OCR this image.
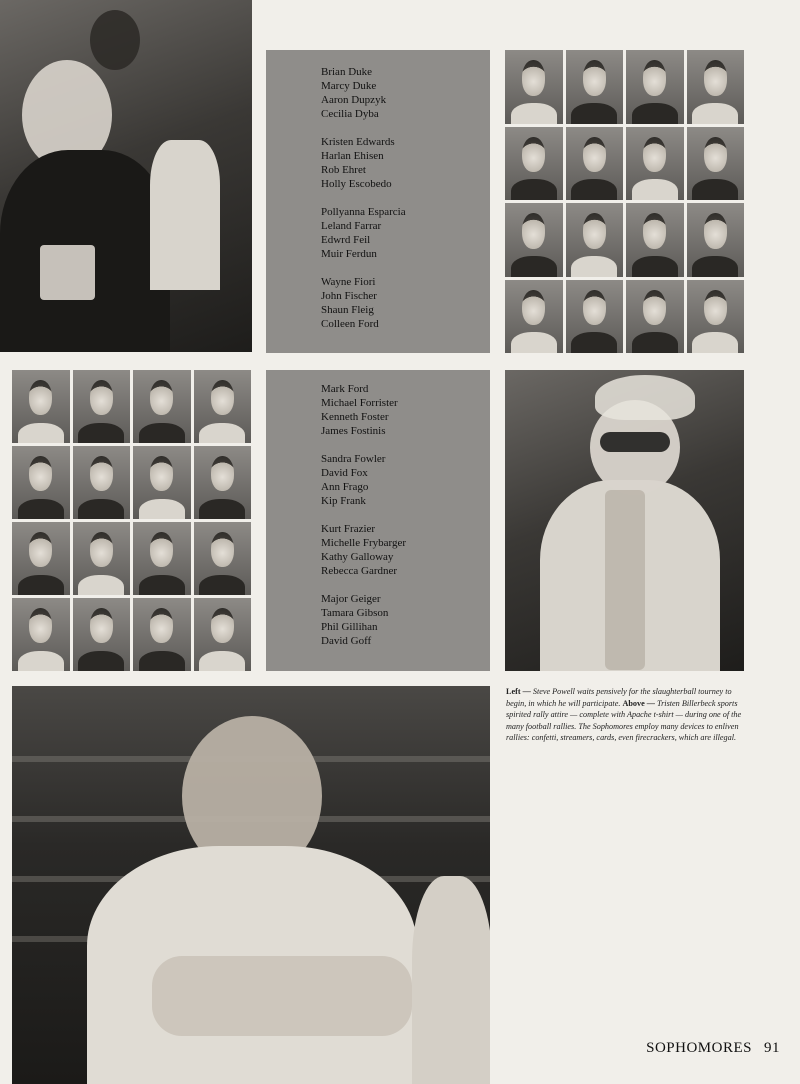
Brian Duke
Marcy Duke
Aaron Dupzyk
Cecilia Dyba
Kristen Edwards
Harlan Ehisen
Rob Ehret
Holly Escobedo
Pollyanna Esparcia
Leland Farrar
Edwrd Feil
Muir Ferdun
Wayne Fiori
John Fischer
Shaun Fleig
Colleen Ford
Mark Ford
Michael Forrister
Kenneth Foster
James Fostinis
Sandra Fowler
David Fox
Ann Frago
Kip Frank
Kurt Frazier
Michelle Frybarger
Kathy Galloway
Rebecca Gardner
Major Geiger
Tamara Gibson
Phil Gillihan
David Goff
Left — Steve Powell waits pensively for the slaughterball tourney to begin, in which he will participate. Above — Tristen Billerbeck sports spirited rally attire — complete with Apache t-shirt — during one of the many football rallies. The Sophomores employ many devices to enliven rallies: confetti, streamers, cards, even firecrackers, which are illegal.
SOPHOMORES 91
